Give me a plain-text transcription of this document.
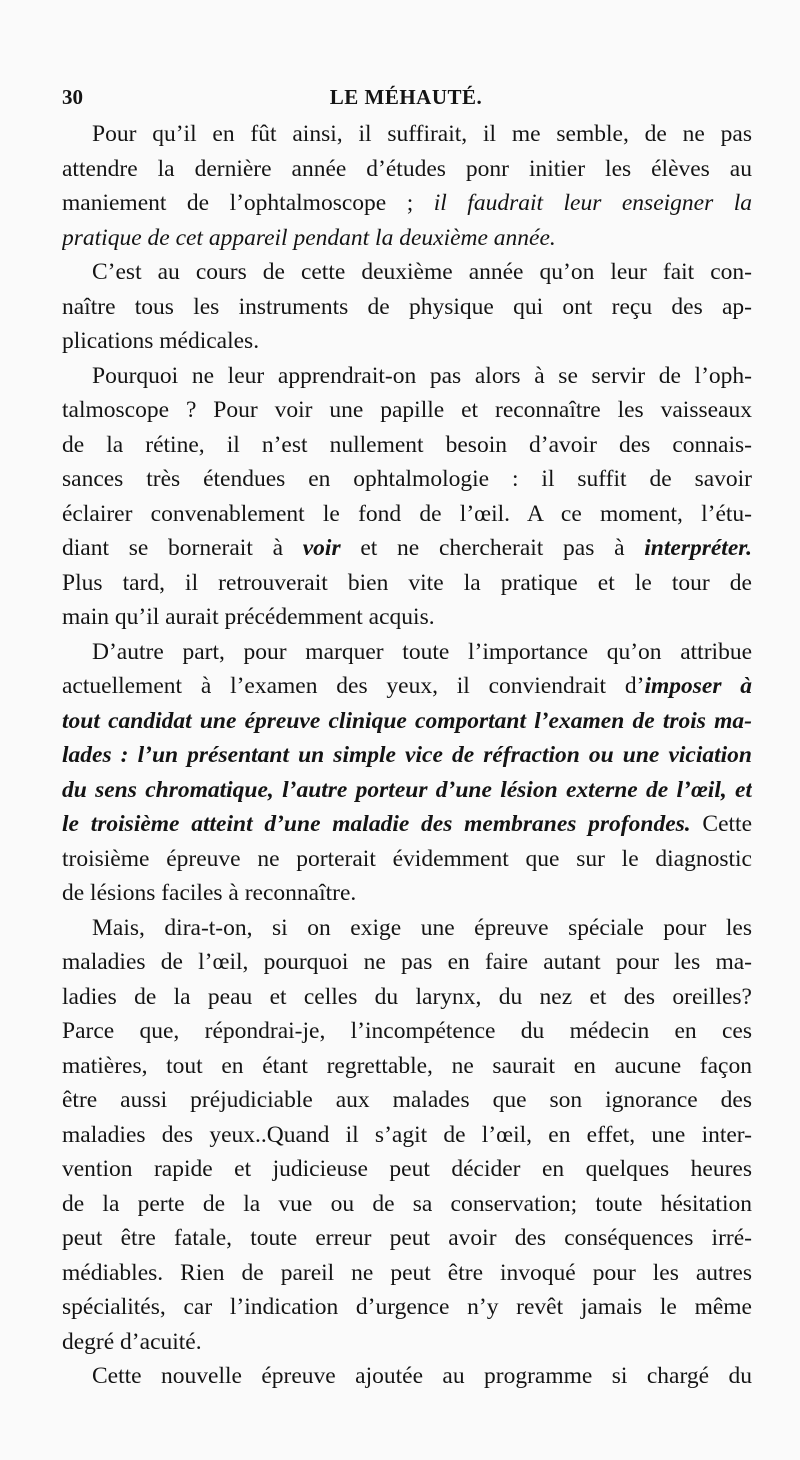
30	LE MÉHAUTÉ.
Pour qu’il en fût ainsi, il suffirait, il me semble, de ne pas
attendre la dernière année d’études ponr initier les élèves au
maniement de l’ophtalmoscope ; il faudrait leur enseigner la
pratique de cet appareil pendant la deuxième année.
C’est au cours de cette deuxième année qu’on leur fait con-
naître tous les instruments de physique qui ont reçu des ap-
plications médicales.
Pourquoi ne leur apprendrait-on pas alors à se servir de l’oph-
talmoscope ? Pour voir une papille et reconnaître les vaisseaux
de la rétine, il n’est nullement besoin d’avoir des connais-
sances très étendues en ophtalmologie : il suffit de savoir
éclairer convenablement le fond de l’œil. A ce moment, l’étu-
diant se bornerait à voir et ne chercherait pas à interpréter.
Plus tard, il retrouverait bien vite la pratique et le tour de
main qu’il aurait précédemment acquis.
D’autre part, pour marquer toute l’importance qu’on attribue
actuellement à l’examen des yeux, il conviendrait d’imposer à
tout candidat une épreuve clinique comportant l’examen de trois ma-
lades : l’un présentant un simple vice de réfraction ou une viciation
du sens chromatique, l’autre porteur d’une lésion externe de l’œil, et
le troisième atteint d’une maladie des membranes profondes. Cette
troisième épreuve ne porterait évidemment que sur le diagnostic
de lésions faciles à reconnaître.
Mais, dira-t-on, si on exige une épreuve spéciale pour les
maladies de l’œil, pourquoi ne pas en faire autant pour les ma-
ladies de la peau et celles du larynx, du nez et des oreilles?
Parce que, répondrai-je, l’incompétence du médecin en ces
matières, tout en étant regrettable, ne saurait en aucune façon
être aussi préjudiciable aux malades que son ignorance des
maladies des yeux..Quand il s’agit de l’œil, en effet, une inter-
vention rapide et judicieuse peut décider en quelques heures
de la perte de la vue ou de sa conservation; toute hésitation
peut être fatale, toute erreur peut avoir des conséquences irré-
médiables. Rien de pareil ne peut être invoqué pour les autres
spécialités, car l’indication d’urgence n’y revêt jamais le même
degré d’acuité.
Cette nouvelle épreuve ajoutée au programme si chargé du
